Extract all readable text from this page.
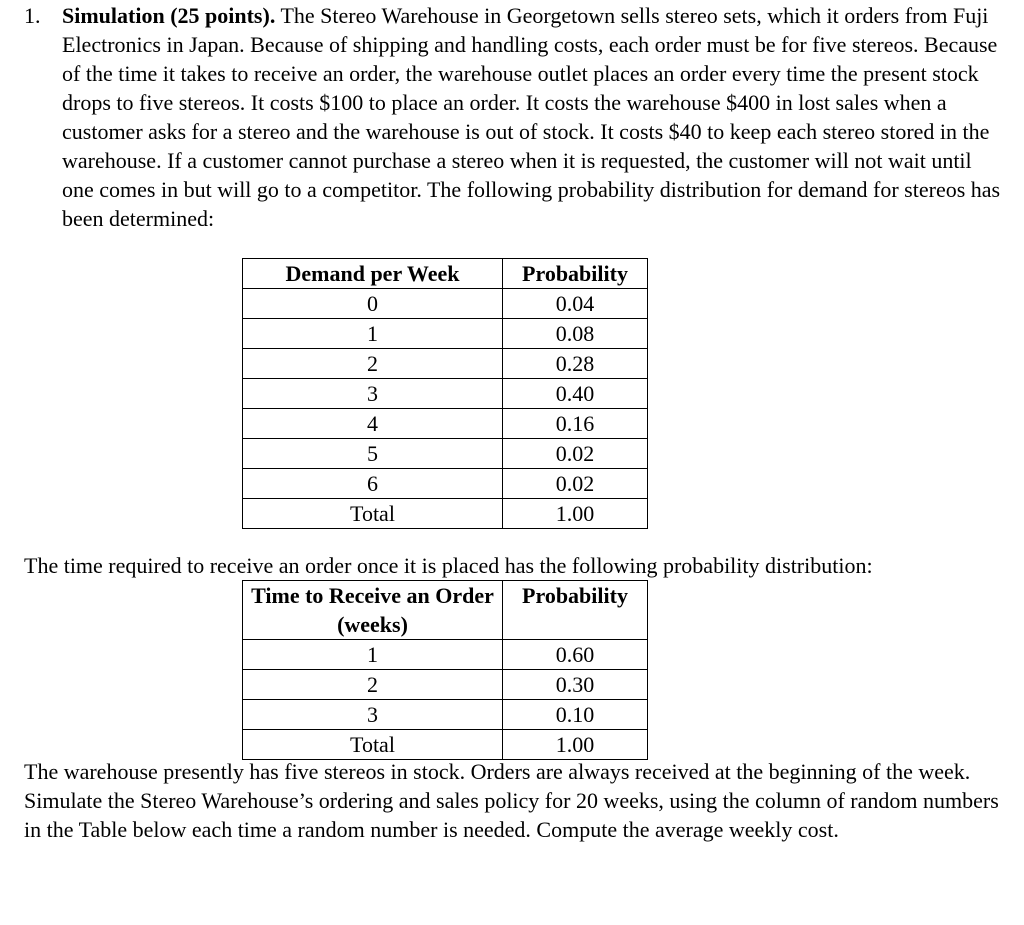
1. Simulation (25 points). The Stereo Warehouse in Georgetown sells stereo sets, which it orders from Fuji Electronics in Japan. Because of shipping and handling costs, each order must be for five stereos. Because of the time it takes to receive an order, the warehouse outlet places an order every time the present stock drops to five stereos. It costs $100 to place an order. It costs the warehouse $400 in lost sales when a customer asks for a stereo and the warehouse is out of stock. It costs $40 to keep each stereo stored in the warehouse. If a customer cannot purchase a stereo when it is requested, the customer will not wait until one comes in but will go to a competitor. The following probability distribution for demand for stereos has been determined:

Demand per Week	Probability
0	0.04
1	0.08
2	0.28
3	0.40
4	0.16
5	0.02
6	0.02
Total	1.00

The time required to receive an order once it is placed has the following probability distribution:

Time to Receive an Order (weeks)	Probability
1	0.60
2	0.30
3	0.10
Total	1.00

The warehouse presently has five stereos in stock. Orders are always received at the beginning of the week. Simulate the Stereo Warehouse’s ordering and sales policy for 20 weeks, using the column of random numbers in the Table below each time a random number is needed. Compute the average weekly cost.
